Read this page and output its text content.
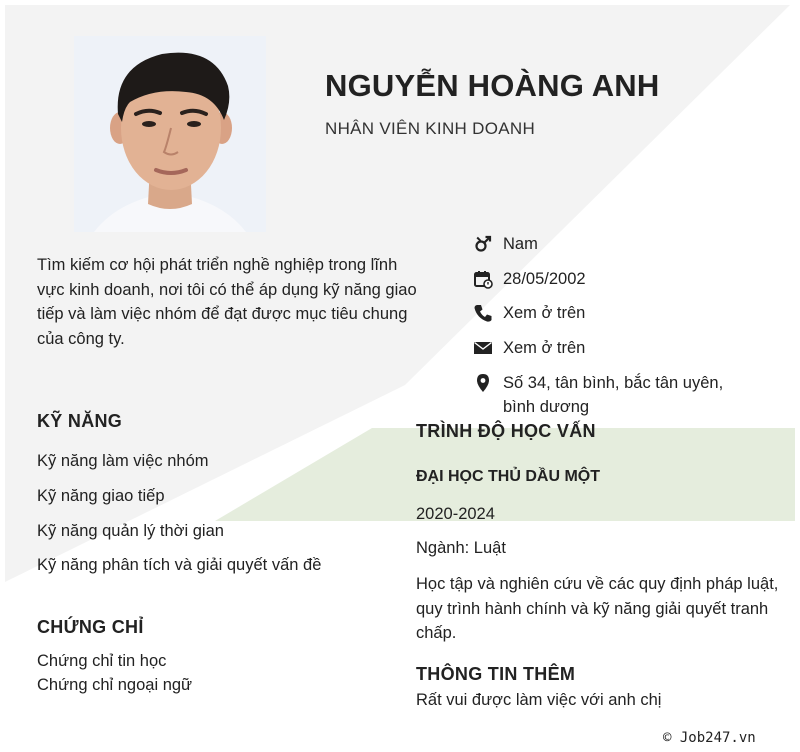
NGUYỄN HOÀNG ANH
NHÂN VIÊN KINH DOANH
Tìm kiếm cơ hội phát triển nghề nghiệp trong lĩnh vực kinh doanh, nơi tôi có thể áp dụng kỹ năng giao tiếp và làm việc nhóm để đạt được mục tiêu chung của công ty.
Nam
28/05/2002
Xem ở trên
Xem ở trên
Số 34, tân bình, bắc tân uyên, bình dương
KỸ NĂNG
Kỹ năng làm việc nhóm
Kỹ năng giao tiếp
Kỹ năng quản lý thời gian
Kỹ năng phân tích và giải quyết vấn đề
CHỨNG CHỈ
Chứng chỉ tin học
Chứng chỉ ngoại ngữ
TRÌNH ĐỘ HỌC VẤN
ĐẠI HỌC THỦ DẦU MỘT
2020-2024
Ngành: Luật
Học tập và nghiên cứu về các quy định pháp luật, quy trình hành chính và kỹ năng giải quyết tranh chấp.
THÔNG TIN THÊM
Rất vui được làm việc với anh chị
© Job247.vn
